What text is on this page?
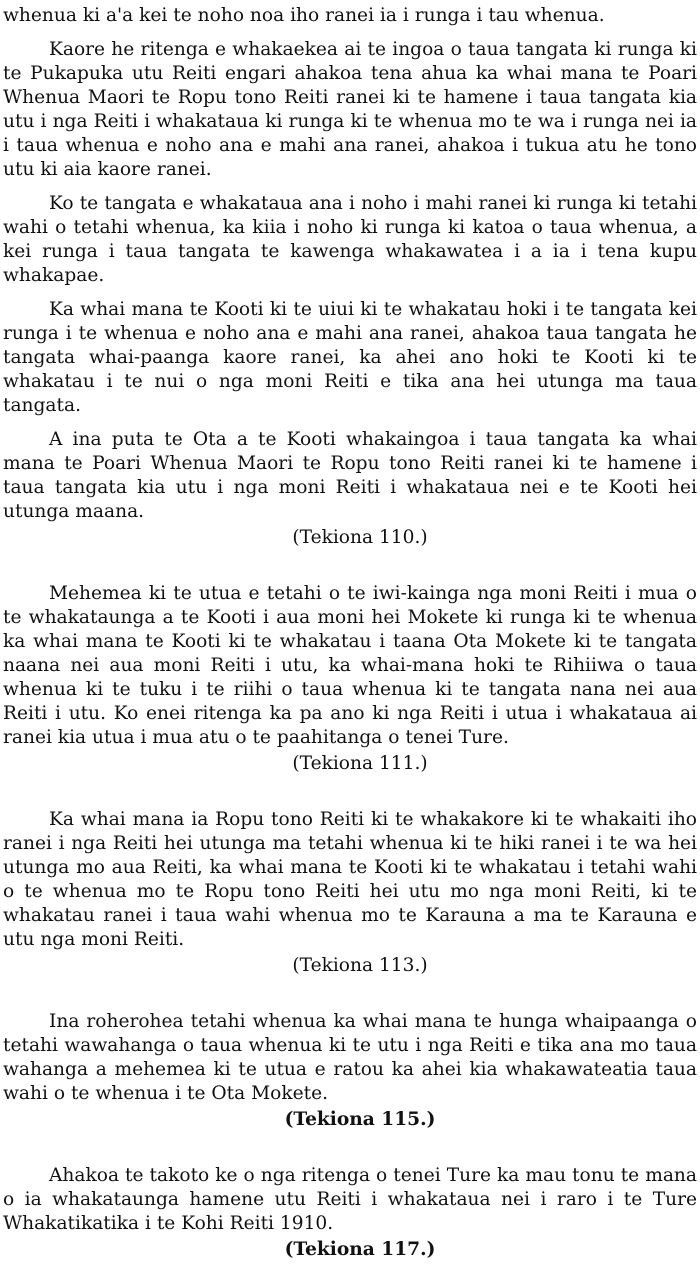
whenua ki a'a kei te noho noa iho ranei ia i runga i tau whenua.

Kaore he ritenga e whakaekea ai te ingoa o taua tangata ki runga ki te Pukapuka utu Reiti engari ahakoa tena ahua ka whai mana te Poari Whenua Maori te Ropu tono Reiti ranei ki te hamene i taua tangata kia utu i nga Reiti i whakataua ki runga ki te whenua mo te wa i runga nei ia i taua whenua e noho ana e mahi ana ranei, ahakoa i tukua atu he tono utu ki aia kaore ranei.

Ko te tangata e whakataua ana i noho i mahi ranei ki runga ki tetahi wahi o tetahi whenua, ka kiia i noho ki runga ki katoa o taua whenua, a kei runga i taua tangata te kawenga whakawatea i a ia i tena kupu whakapae.

Ka whai mana te Kooti ki te uiui ki te whakatau hoki i te tangata kei runga i te whenua e noho ana e mahi ana ranei, ahakoa taua tangata he tangata whai-paanga kaore ranei, ka ahei ano hoki te Kooti ki te whakatau i te nui o nga moni Reiti e tika ana hei utunga ma taua tangata.

A ina puta te Ota a te Kooti whakaingoa i taua tangata ka whai mana te Poari Whenua Maori te Ropu tono Reiti ranei ki te hamene i taua tangata kia utu i nga moni Reiti i whakataua nei e te Kooti hei utunga maana.

(Tekiona 110.)

Mehemea ki te utua e tetahi o te iwi-kainga nga moni Reiti i mua o te whakataunga a te Kooti i aua moni hei Mokete ki runga ki te whenua ka whai mana te Kooti ki te whakatau i taana Ota Mokete ki te tangata naana nei aua moni Reiti i utu, ka whai-mana hoki te Rihiiwa o taua whenua ki te tuku i te riihi o taua whenua ki te tangata nana nei aua Reiti i utu. Ko enei ritenga ka pa ano ki nga Reiti i utua i whakataua ai ranei kia utua i mua atu o te paahitanga o tenei Ture.

(Tekiona 111.)

Ka whai mana ia Ropu tono Reiti ki te whakakore ki te whakaiti iho ranei i nga Reiti hei utunga ma tetahi whenua ki te hiki ranei i te wa hei utunga mo aua Reiti, ka whai mana te Kooti ki te whakatau i tetahi wahi o te whenua mo te Ropu tono Reiti hei utu mo nga moni Reiti, ki te whakatau ranei i taua wahi whenua mo te Karauna a ma te Karauna e utu nga moni Reiti.

(Tekiona 113.)

Ina roherohea tetahi whenua ka whai mana te hunga whaipaanga o tetahi wawahanga o taua whenua ki te utu i nga Reiti e tika ana mo taua wahanga a mehemea ki te utua e ratou ka ahei kia whakawateatia taua wahi o te whenua i te Ota Mokete.

(Tekiona 115.)

Ahakoa te takoto ke o nga ritenga o tenei Ture ka mau tonu te mana o ia whakataunga hamene utu Reiti i whakataua nei i raro i te Ture Whakatikatika i te Kohi Reiti 1910.

(Tekiona 117.)
